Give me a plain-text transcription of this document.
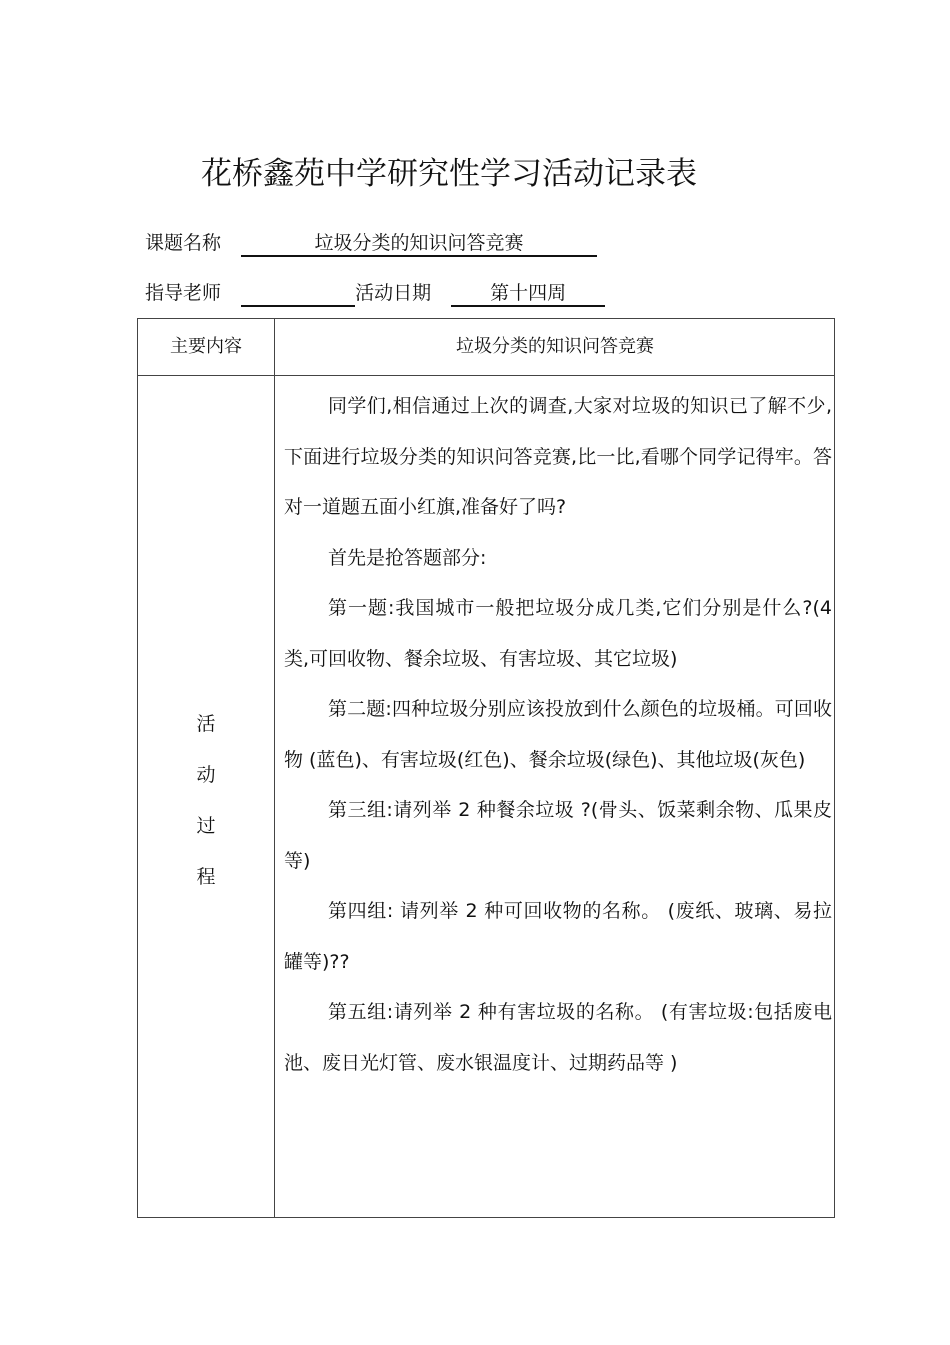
花桥鑫苑中学研究性学习活动记录表
课题名称	垃圾分类的知识问答竞赛
指导老师	活动日期	第十四周
主要内容	垃圾分类的知识问答竞赛
活
动
过
程

同学们,相信通过上次的调查,大家对垃圾的知识已了解不少,下面进行垃圾分类的知识问答竞赛,比一比,看哪个同学记得牢。答对一道题五面小红旗,准备好了吗?

首先是抢答题部分:

第一题:我国城市一般把垃圾分成几类,它们分别是什么?(4 类,可回收物、餐余垃圾、有害垃圾、其它垃圾)

第二题:四种垃圾分别应该投放到什么颜色的垃圾桶。可回收物 (蓝色)、有害垃圾(红色)、餐余垃圾(绿色)、其他垃圾(灰色)

第三组:请列举 2 种餐余垃圾 ?(骨头、饭菜剩余物、瓜果皮等)

第四组: 请列举 2 种可回收物的名称。 (废纸、玻璃、易拉罐等)??

第五组:请列举 2 种有害垃圾的名称。 (有害垃圾:包括废电池、废日光灯管、废水银温度计、过期药品等 )
